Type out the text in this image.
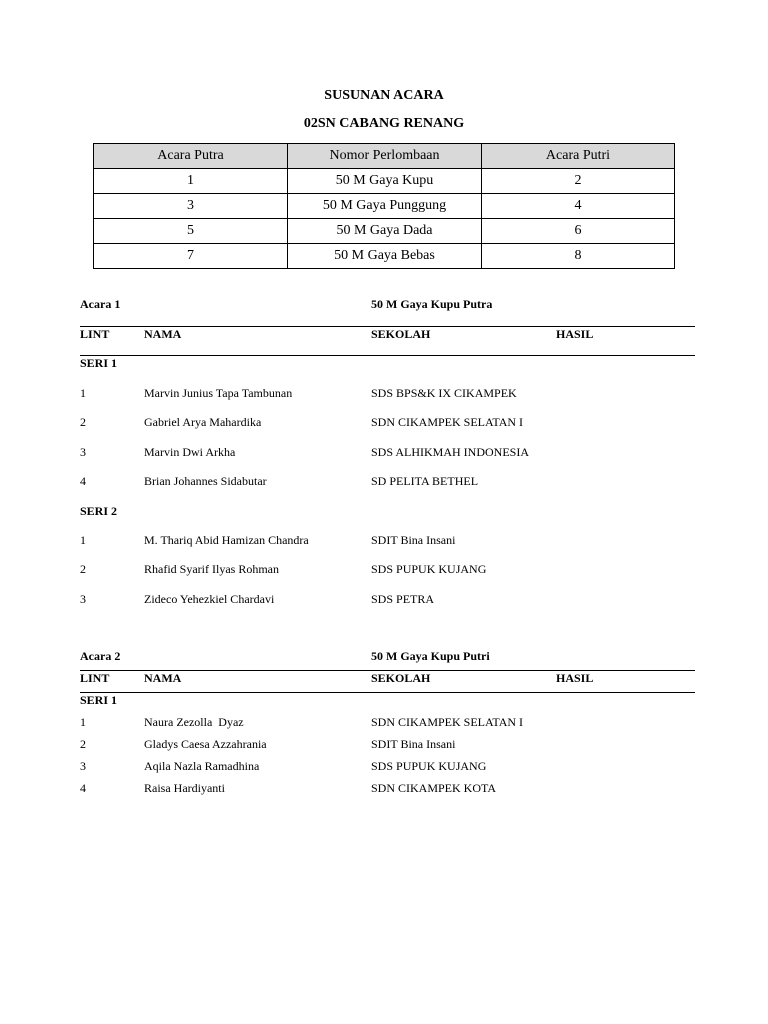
SUSUNAN ACARA
02SN CABANG RENANG
Acara Putra	Nomor Perlombaan	Acara Putri
1	50 M Gaya Kupu	2
3	50 M Gaya Punggung	4
5	50 M Gaya Dada	6
7	50 M Gaya Bebas	8
Acara 1	50 M Gaya Kupu Putra
LINT	NAMA	SEKOLAH	HASIL
SERI 1
1	Marvin Junius Tapa Tambunan	SDS BPS&K IX CIKAMPEK
2	Gabriel Arya Mahardika	SDN CIKAMPEK SELATAN I
3	Marvin Dwi Arkha	SDS ALHIKMAH INDONESIA
4	Brian Johannes Sidabutar	SD PELITA BETHEL
SERI 2
1	M. Thariq Abid Hamizan Chandra	SDIT Bina Insani
2	Rhafid Syarif Ilyas Rohman	SDS PUPUK KUJANG
3	Zideco Yehezkiel Chardavi	SDS PETRA
Acara 2	50 M Gaya Kupu Putri
LINT	NAMA	SEKOLAH	HASIL
SERI 1
1	Naura Zezolla  Dyaz	SDN CIKAMPEK SELATAN I
2	Gladys Caesa Azzahrania	SDIT Bina Insani
3	Aqila Nazla Ramadhina	SDS PUPUK KUJANG
4	Raisa Hardiyanti	SDN CIKAMPEK KOTA
